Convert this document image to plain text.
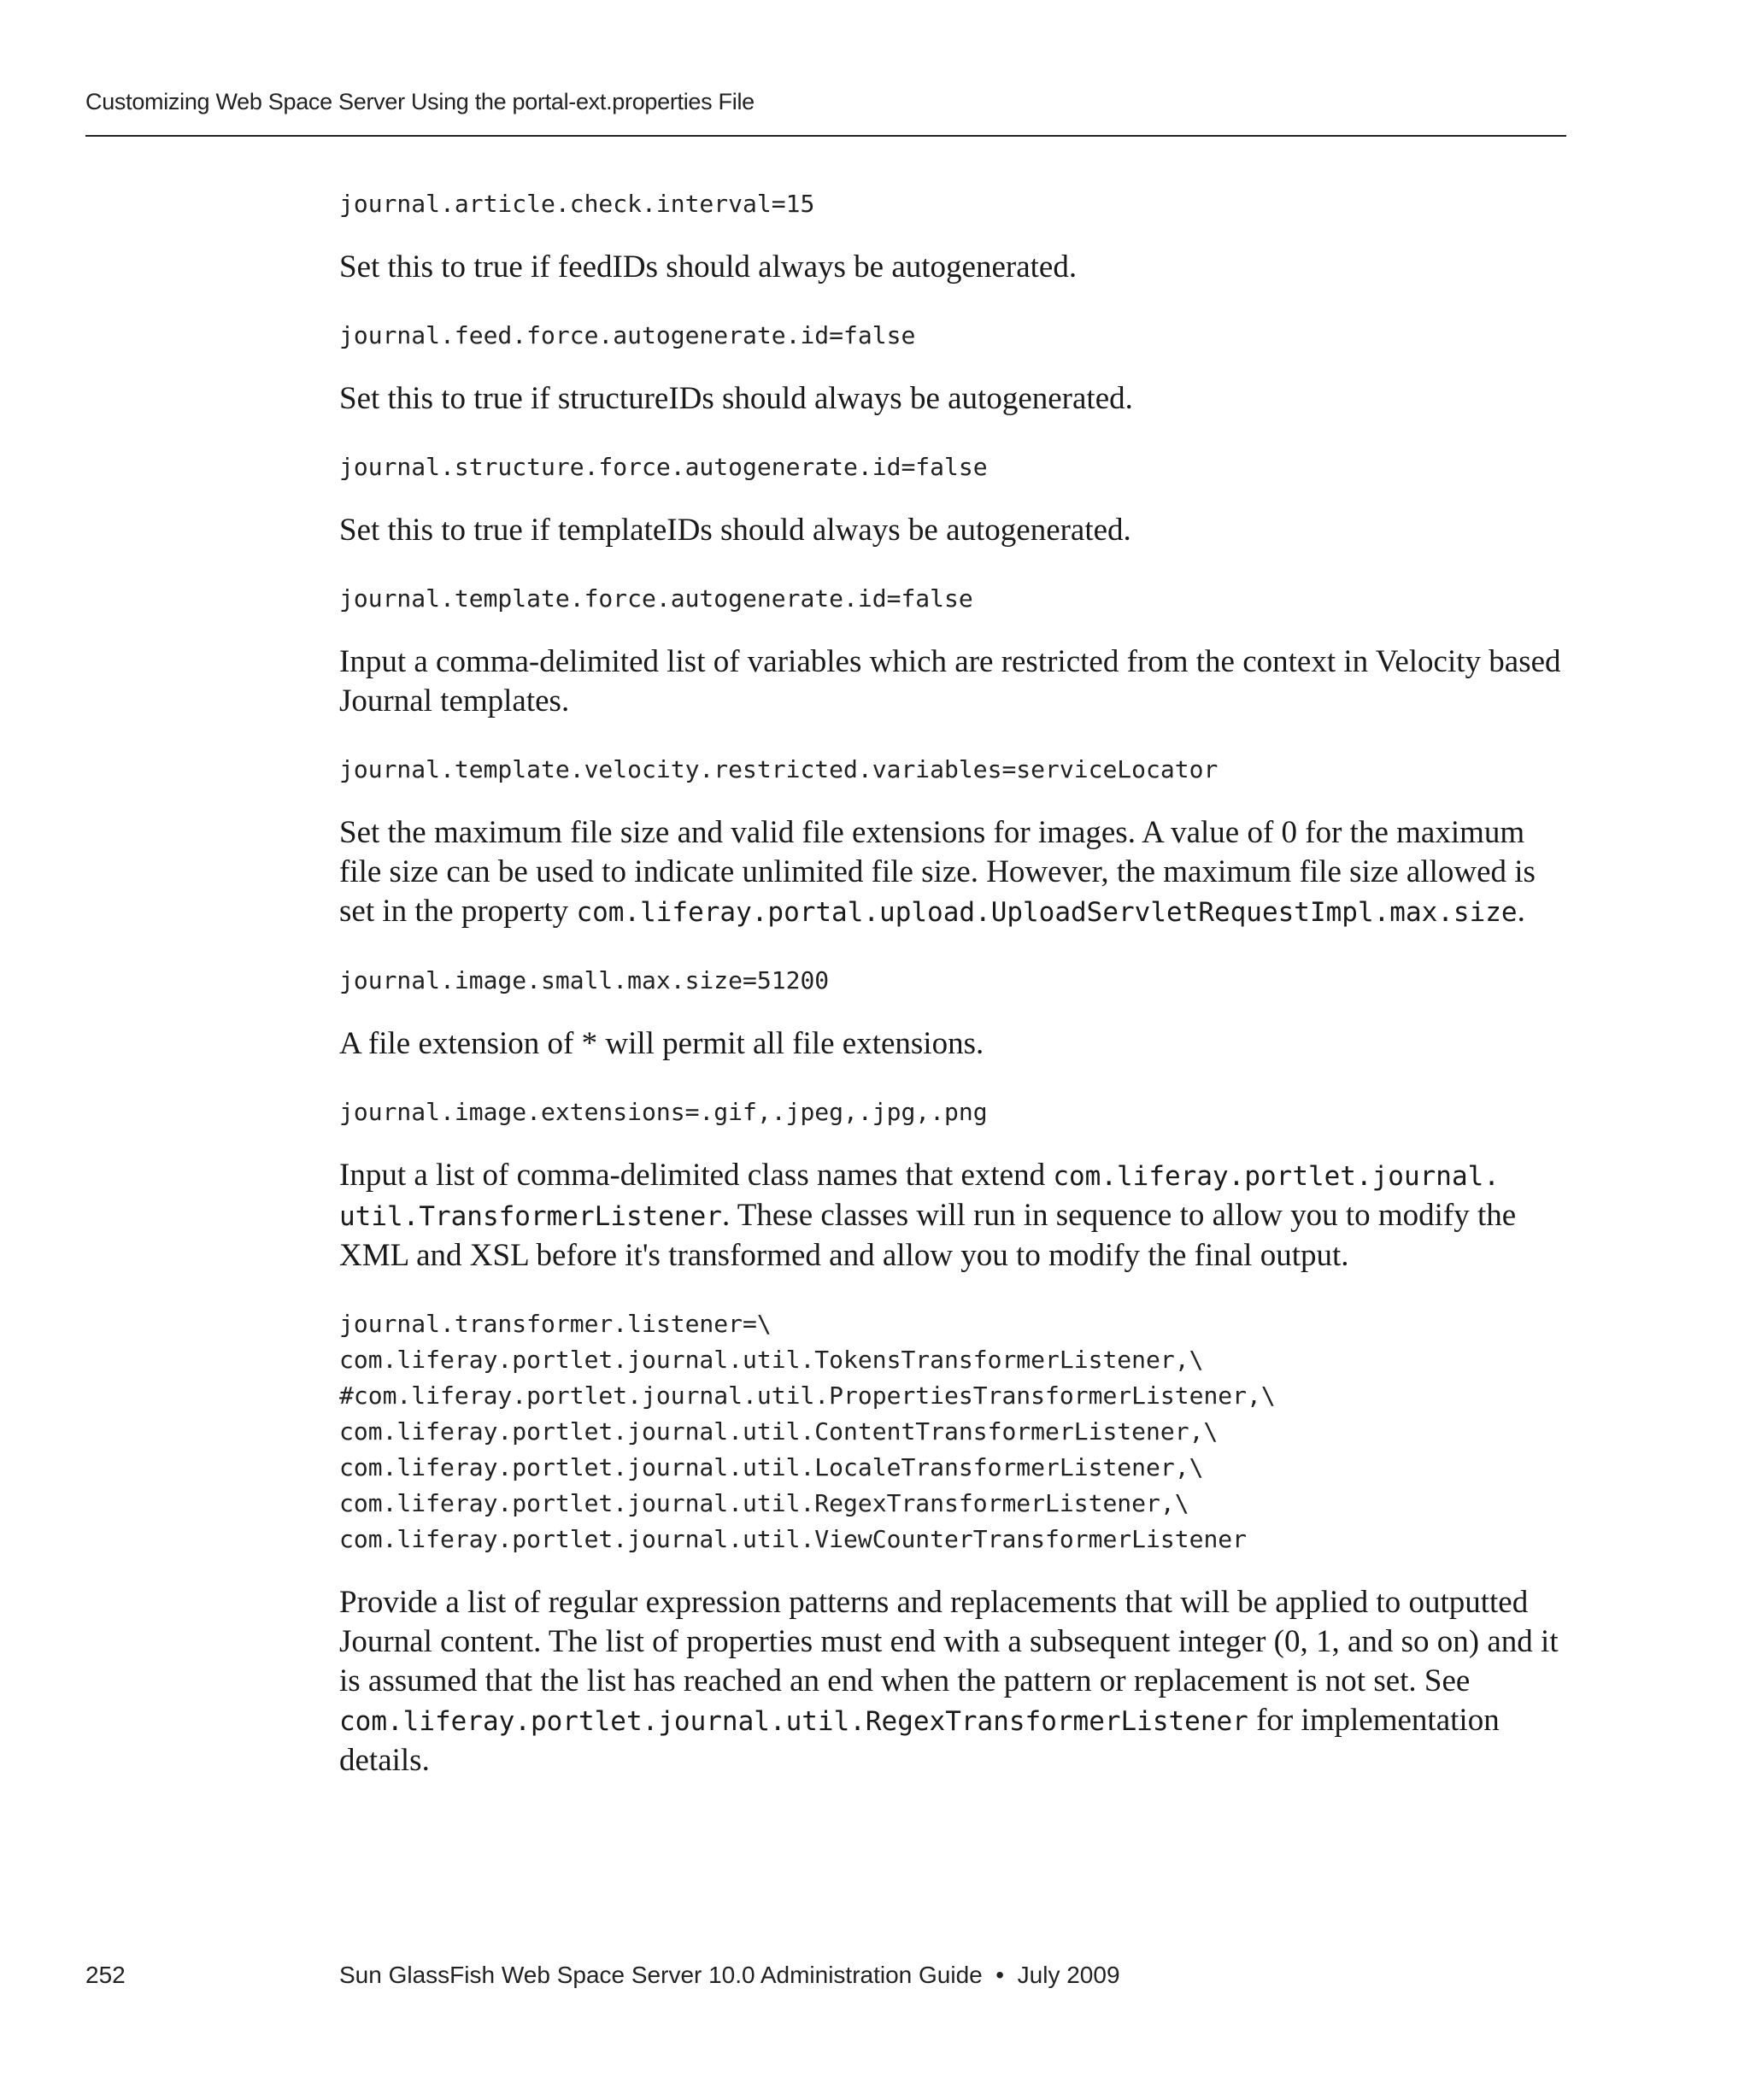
Customizing Web Space Server Using the portal-ext.properties File
journal.article.check.interval=15

Set this to true if feedIDs should always be autogenerated.

journal.feed.force.autogenerate.id=false

Set this to true if structureIDs should always be autogenerated.

journal.structure.force.autogenerate.id=false

Set this to true if templateIDs should always be autogenerated.

journal.template.force.autogenerate.id=false

Input a comma-delimited list of variables which are restricted from the context in Velocity based Journal templates.

journal.template.velocity.restricted.variables=serviceLocator

Set the maximum file size and valid file extensions for images. A value of 0 for the maximum file size can be used to indicate unlimited file size. However, the maximum file size allowed is set in the property com.liferay.portal.upload.UploadServletRequestImpl.max.size.

journal.image.small.max.size=51200

A file extension of * will permit all file extensions.

journal.image.extensions=.gif,.jpeg,.jpg,.png

Input a list of comma-delimited class names that extend com.liferay.portlet.journal. util.TransformerListener. These classes will run in sequence to allow you to modify the XML and XSL before it's transformed and allow you to modify the final output.

journal.transformer.listener=\
com.liferay.portlet.journal.util.TokensTransformerListener,\
#com.liferay.portlet.journal.util.PropertiesTransformerListener,\
com.liferay.portlet.journal.util.ContentTransformerListener,\
com.liferay.portlet.journal.util.LocaleTransformerListener,\
com.liferay.portlet.journal.util.RegexTransformerListener,\
com.liferay.portlet.journal.util.ViewCounterTransformerListener

Provide a list of regular expression patterns and replacements that will be applied to outputted Journal content. The list of properties must end with a subsequent integer (0, 1, and so on) and it is assumed that the list has reached an end when the pattern or replacement is not set. See com.liferay.portlet.journal.util.RegexTransformerListener for implementation details.

252	Sun GlassFish Web Space Server 10.0 Administration Guide  •  July 2009
